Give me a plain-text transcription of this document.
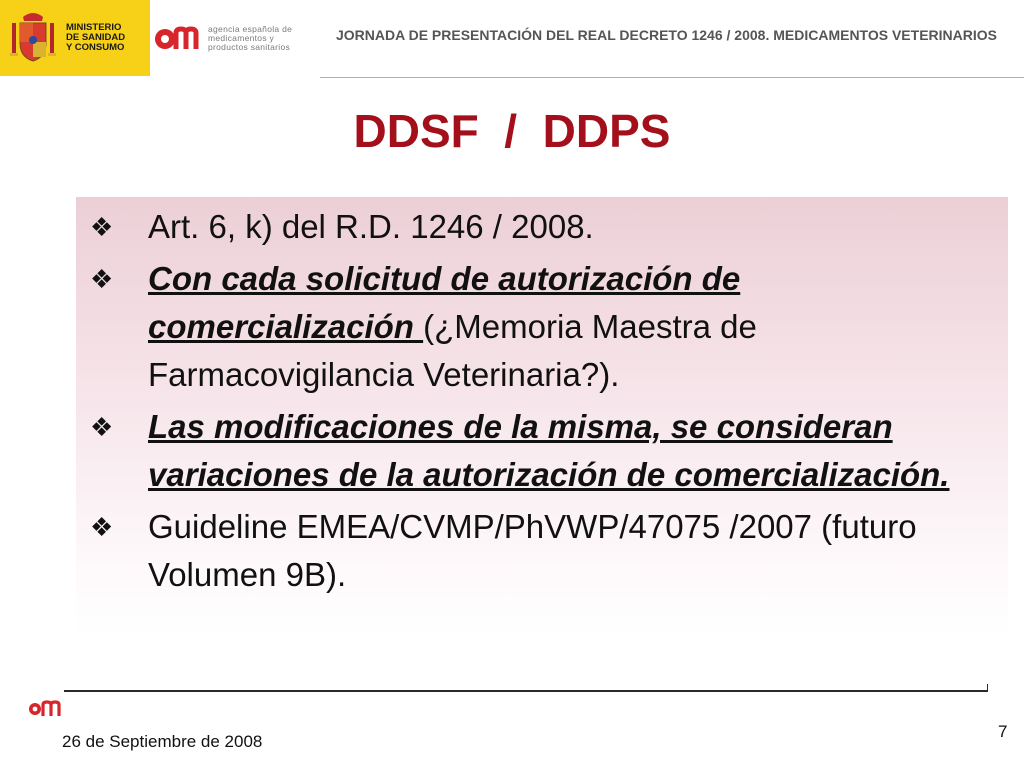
MINISTERIO
DE SANIDAD
Y CONSUMO
agencia española de
medicamentos y
productos sanitarios
JORNADA DE PRESENTACIÓN DEL REAL DECRETO 1246 / 2008. MEDICAMENTOS VETERINARIOS
DDSF  /  DDPS
❖ Art. 6, k) del R.D. 1246 / 2008.
❖ Con cada solicitud de autorización de comercialización (¿Memoria Maestra de Farmacovigilancia Veterinaria?).
❖ Las modificaciones de la misma, se consideran variaciones de la autorización de comercialización.
❖ Guideline EMEA/CVMP/PhVWP/47075 /2007 (futuro Volumen 9B).
26 de Septiembre de 2008
7
